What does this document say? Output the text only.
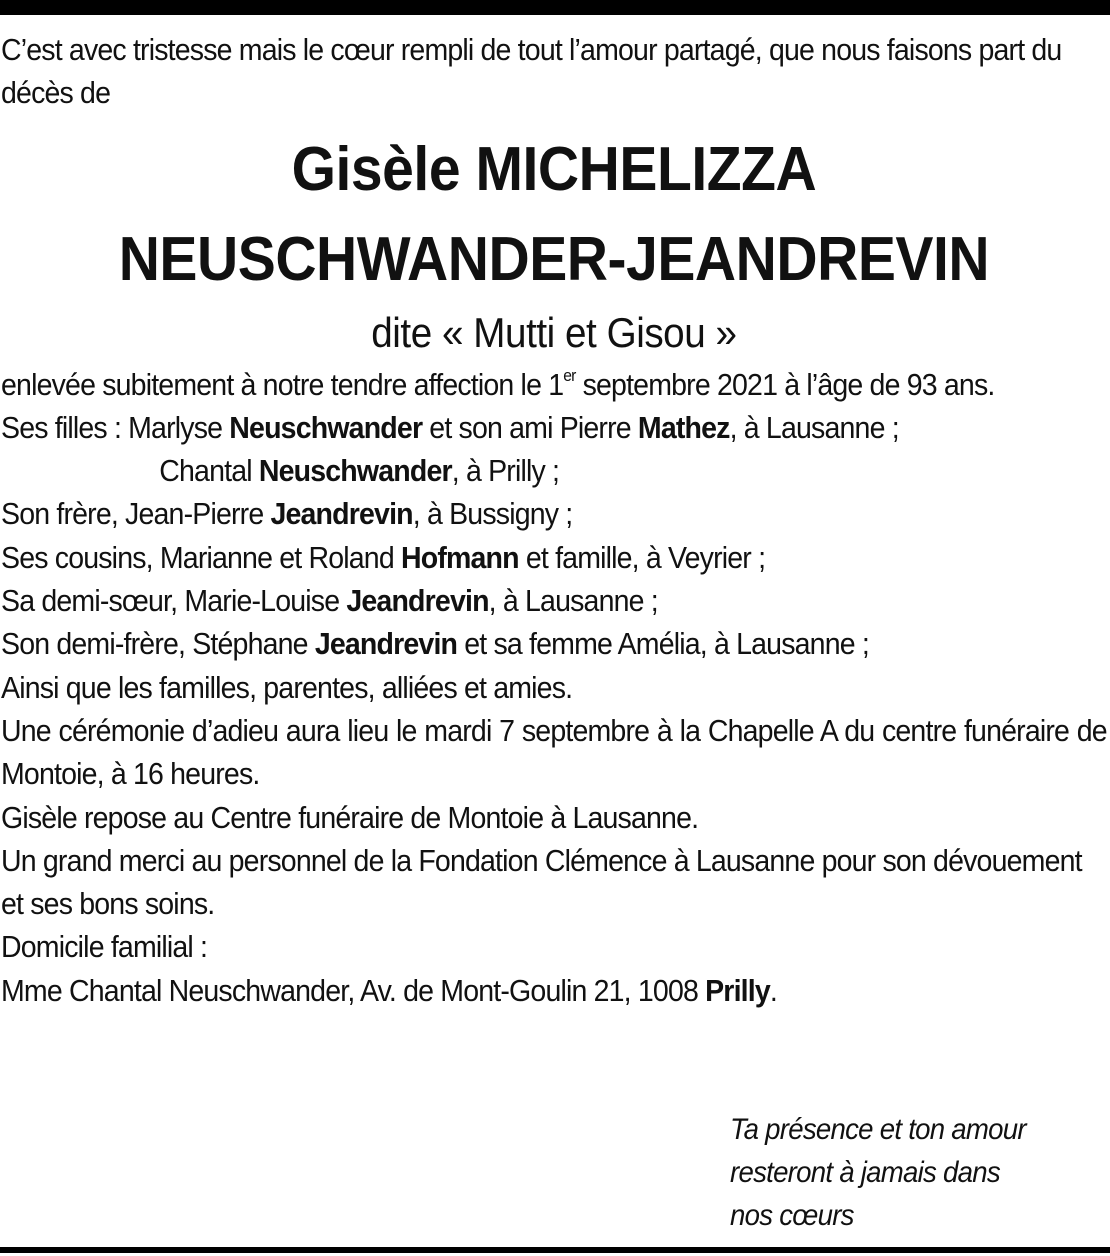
C’est avec tristesse mais le cœur rempli de tout l’amour partagé, que nous faisons part du décès de

Gisèle MICHELIZZA

NEUSCHWANDER-JEANDREVIN

dite « Mutti et Gisou »

enlevée subitement à notre tendre affection le 1er septembre 2021 à l’âge de 93 ans.

Ses filles : Marlyse Neuschwander et son ami Pierre Mathez, à Lausanne ;

Chantal Neuschwander, à Prilly ;

Son frère, Jean-Pierre Jeandrevin, à Bussigny ;

Ses cousins, Marianne et Roland Hofmann et famille, à Veyrier ;

Sa demi-sœur, Marie-Louise Jeandrevin, à Lausanne ;

Son demi-frère, Stéphane Jeandrevin et sa femme Amélia, à Lausanne ;

Ainsi que les familles, parentes, alliées et amies.

Une cérémonie d’adieu aura lieu le mardi 7 septembre à la Chapelle A du centre funéraire de Montoie, à 16 heures.

Gisèle repose au Centre funéraire de Montoie à Lausanne.

Un grand merci au personnel de la Fondation Clémence à Lausanne pour son dévouement et ses bons soins.

Domicile familial :

Mme Chantal Neuschwander, Av. de Mont-Goulin 21, 1008 Prilly.

Ta présence et ton amour

resteront à jamais dans

nos cœurs
